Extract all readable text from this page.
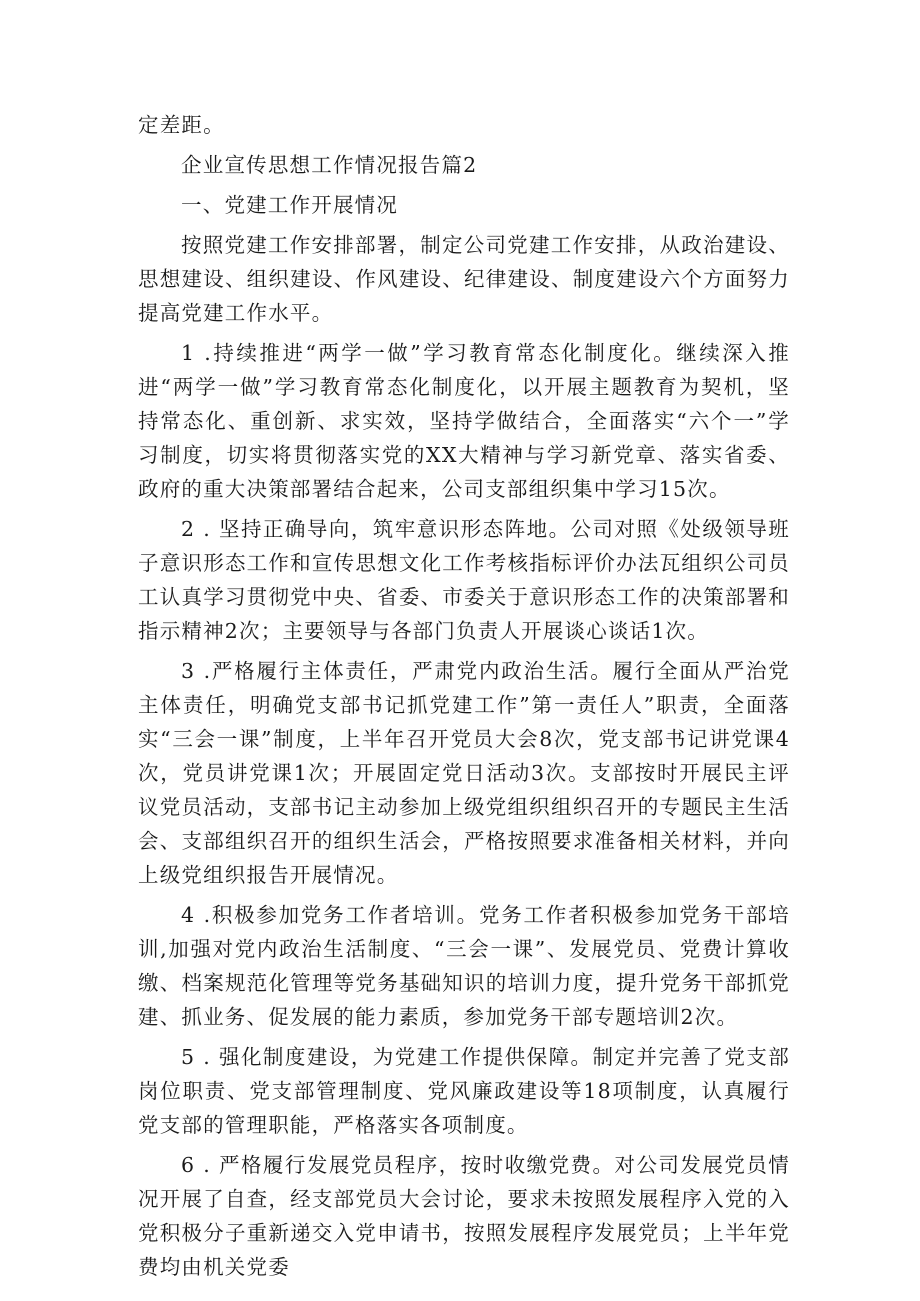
定差距。

企业宣传思想工作情况报告篇2

一、党建工作开展情况

按照党建工作安排部署，制定公司党建工作安排，从政治建设、思想建设、组织建设、作风建设、纪律建设、制度建设六个方面努力提高党建工作水平。

1 .持续推进“两学一做”学习教育常态化制度化。继续深入推进“两学一做”学习教育常态化制度化，以开展主题教育为契机，坚持常态化、重创新、求实效，坚持学做结合，全面落实“六个一”学习制度，切实将贯彻落实党的XX大精神与学习新党章、落实省委、政府的重大决策部署结合起来，公司支部组织集中学习15次。

2 . 坚持正确导向，筑牢意识形态阵地。公司对照《处级领导班子意识形态工作和宣传思想文化工作考核指标评价办法瓦组织公司员工认真学习贯彻党中央、省委、市委关于意识形态工作的决策部署和指示精神2次；主要领导与各部门负责人开展谈心谈话1次。

3 .严格履行主体责任，严肃党内政治生活。履行全面从严治党主体责任，明确党支部书记抓党建工作”第一责任人”职责，全面落实“三会一课”制度，上半年召开党员大会8次，党支部书记讲党课4次，党员讲党课1次；开展固定党日活动3次。支部按时开展民主评议党员活动，支部书记主动参加上级党组织组织召开的专题民主生活会、支部组织召开的组织生活会，严格按照要求准备相关材料，并向上级党组织报告开展情况。

4 .积极参加党务工作者培训。党务工作者积极参加党务干部培训,加强对党内政治生活制度、“三会一课”、发展党员、党费计算收缴、档案规范化管理等党务基础知识的培训力度，提升党务干部抓党建、抓业务、促发展的能力素质，参加党务干部专题培训2次。

5 . 强化制度建设，为党建工作提供保障。制定并完善了党支部岗位职责、党支部管理制度、党风廉政建设等18项制度，认真履行党支部的管理职能，严格落实各项制度。

6 . 严格履行发展党员程序，按时收缴党费。对公司发展党员情况开展了自查，经支部党员大会讨论，要求未按照发展程序入党的入党积极分子重新递交入党申请书，按照发展程序发展党员；上半年党费均由机关党委
